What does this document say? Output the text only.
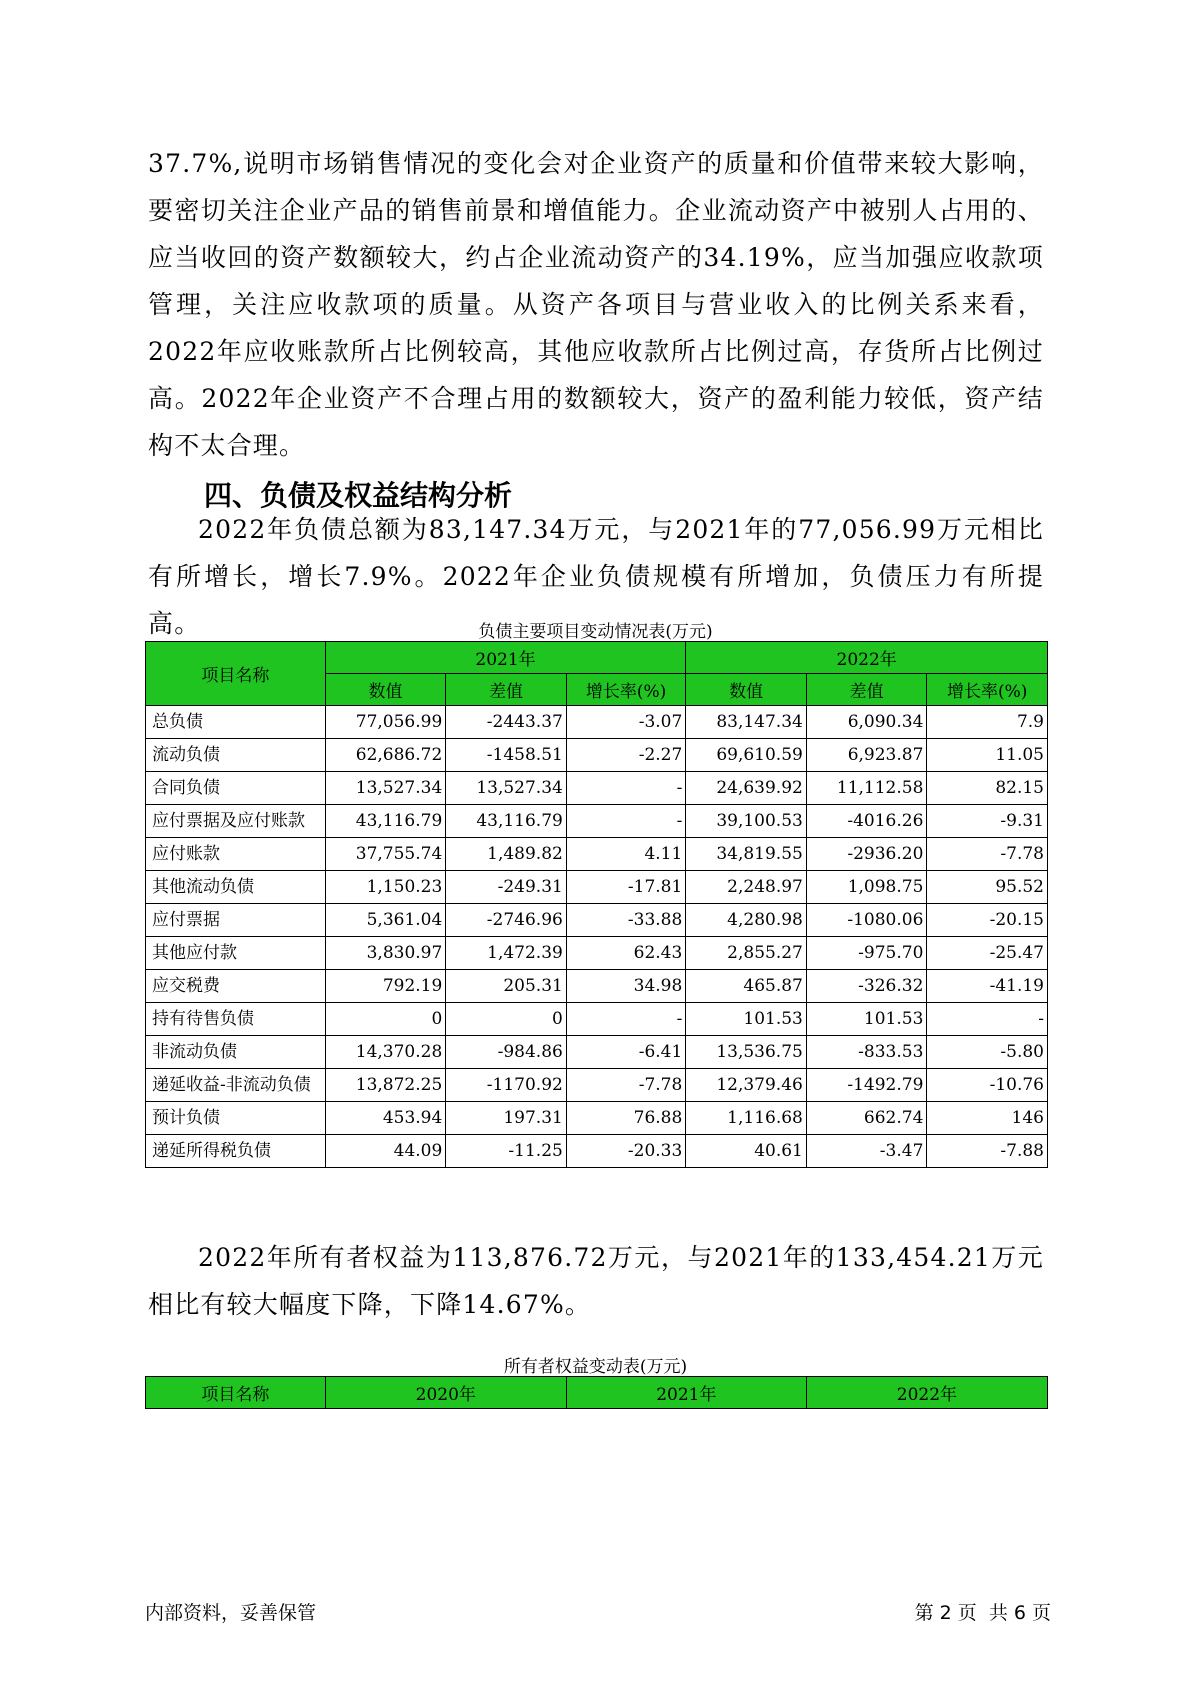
37.7%,说明市场销售情况的变化会对企业资产的质量和价值带来较大影响，要密切关注企业产品的销售前景和增值能力。企业流动资产中被别人占用的、应当收回的资产数额较大，约占企业流动资产的34.19%，应当加强应收款项管理，关注应收款项的质量。从资产各项目与营业收入的比例关系来看，2022年应收账款所占比例较高，其他应收款所占比例过高，存货所占比例过高。2022年企业资产不合理占用的数额较大，资产的盈利能力较低，资产结构不太合理。

四、负债及权益结构分析

2022年负债总额为83,147.34万元，与2021年的77,056.99万元相比有所增长，增长7.9%。2022年企业负债规模有所增加，负债压力有所提高。	负债主要项目变动情况表(万元)

项目名称	2021年			2022年		
	数值	差值	增长率(%)	数值	差值	增长率(%)
总负债	77,056.99	-2443.37	-3.07	83,147.34	6,090.34	7.9
流动负债	62,686.72	-1458.51	-2.27	69,610.59	6,923.87	11.05
合同负债	13,527.34	13,527.34	-	24,639.92	11,112.58	82.15
应付票据及应付账款	43,116.79	43,116.79	-	39,100.53	-4016.26	-9.31
应付账款	37,755.74	1,489.82	4.11	34,819.55	-2936.20	-7.78
其他流动负债	1,150.23	-249.31	-17.81	2,248.97	1,098.75	95.52
应付票据	5,361.04	-2746.96	-33.88	4,280.98	-1080.06	-20.15
其他应付款	3,830.97	1,472.39	62.43	2,855.27	-975.70	-25.47
应交税费	792.19	205.31	34.98	465.87	-326.32	-41.19
持有待售负债	0	0	-	101.53	101.53	-
非流动负债	14,370.28	-984.86	-6.41	13,536.75	-833.53	-5.80
递延收益-非流动负债	13,872.25	-1170.92	-7.78	12,379.46	-1492.79	-10.76
预计负债	453.94	197.31	76.88	1,116.68	662.74	146
递延所得税负债	44.09	-11.25	-20.33	40.61	-3.47	-7.88

2022年所有者权益为113,876.72万元，与2021年的133,454.21万元相比有较大幅度下降，下降14.67%。

所有者权益变动表(万元)

项目名称	2020年	2021年	2022年
内部资料，妥善保管	第 2 页  共 6 页
